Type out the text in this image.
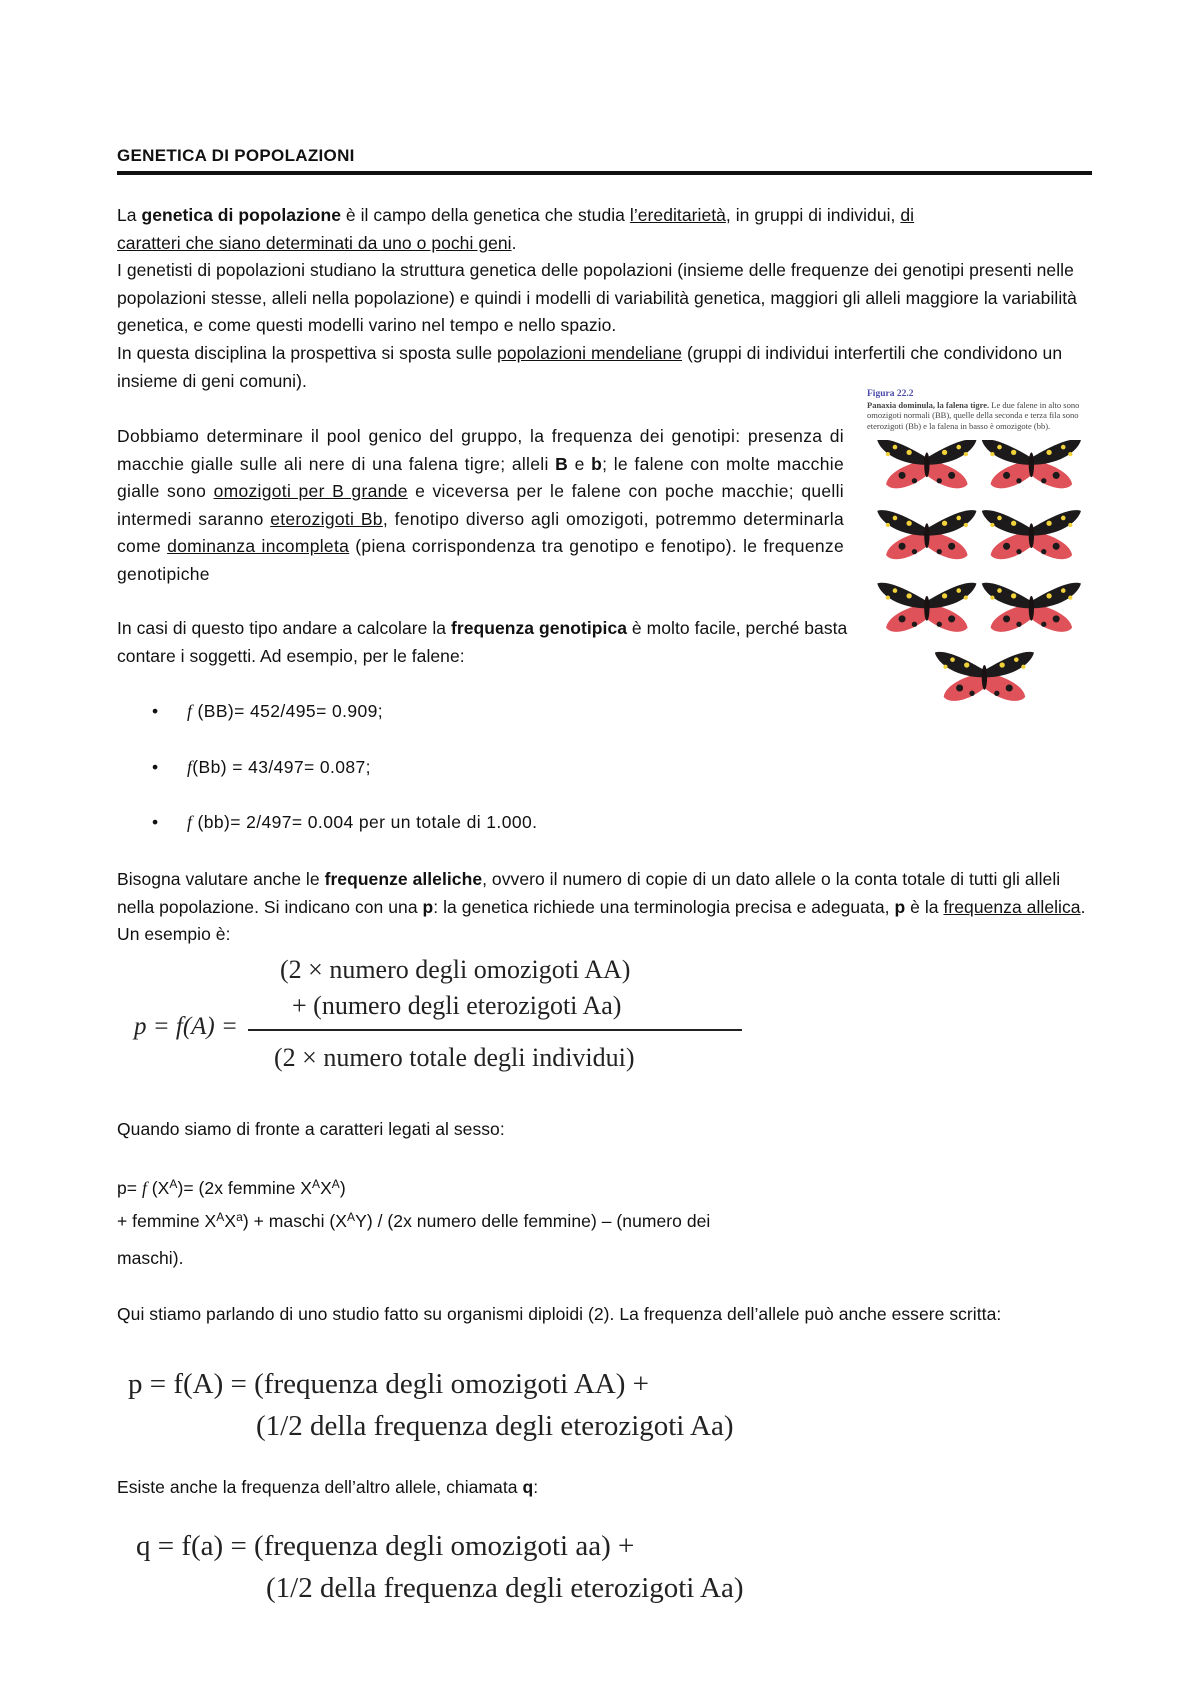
GENETICA DI POPOLAZIONI
La genetica di popolazione è il campo della genetica che studia l’ereditarietà, in gruppi di individui, di
caratteri che siano determinati da uno o pochi geni.
I genetisti di popolazioni studiano la struttura genetica delle popolazioni (insieme delle frequenze dei genotipi presenti nelle popolazioni stesse, alleli nella popolazione) e quindi i modelli di variabilità genetica, maggiori gli alleli maggiore la variabilità genetica, e come questi modelli varino nel tempo e nello spazio.
In questa disciplina la prospettiva si sposta sulle popolazioni mendeliane (gruppi di individui interfertili che condividono un insieme di geni comuni).
Dobbiamo determinare il pool genico del gruppo, la frequenza dei genotipi: presenza di macchie gialle sulle ali nere di una falena tigre; alleli B e b; le falene con molte macchie gialle sono omozigoti per B grande e viceversa per le falene con poche macchie; quelli intermedi saranno eterozigoti Bb, fenotipo diverso agli omozigoti, potremmo determinarla come dominanza incompleta (piena corrispondenza tra genotipo e fenotipo). le frequenze genotipiche
Figura 22.2
Panaxia dominula, la falena tigre. Le due falene in alto sono omozigoti normali (BB), quelle della seconda e terza fila sono eterozigoti (Bb) e la falena in basso è omozigote (bb).
In casi di questo tipo andare a calcolare la frequenza genotipica è molto facile, perché basta contare i soggetti. Ad esempio, per le falene:
• f (BB)= 452/495= 0.909;
• f(Bb) = 43/497= 0.087;
• f (bb)= 2/497= 0.004 per un totale di 1.000.
Bisogna valutare anche le frequenze alleliche, ovvero il numero di copie di un dato allele o la conta totale di tutti gli alleli nella popolazione. Si indicano con una p: la genetica richiede una terminologia precisa e adeguata, p è la frequenza allelica. Un esempio è:
p = f(A) =
(2 × numero degli omozigoti AA)
+ (numero degli eterozigoti Aa)
(2 × numero totale degli individui)
Quando siamo di fronte a caratteri legati al sesso:
p= f $(X^A)= (2x$ femmine $X^AX^A$)
+ femmine $X^AX^a$) + maschi $(X^AY) / (2x$ numero delle femmine) – (numero dei
maschi).
Qui stiamo parlando di uno studio fatto su organismi diploidi (2). La frequenza dell’allele può anche essere scritta:
p = f(A) = (frequenza degli omozigoti AA) +
(1/2 della frequenza degli eterozigoti Aa)
Esiste anche la frequenza dell’altro allele, chiamata q:
q = f(a) = (frequenza degli omozigoti aa) +
(1/2 della frequenza degli eterozigoti Aa)
